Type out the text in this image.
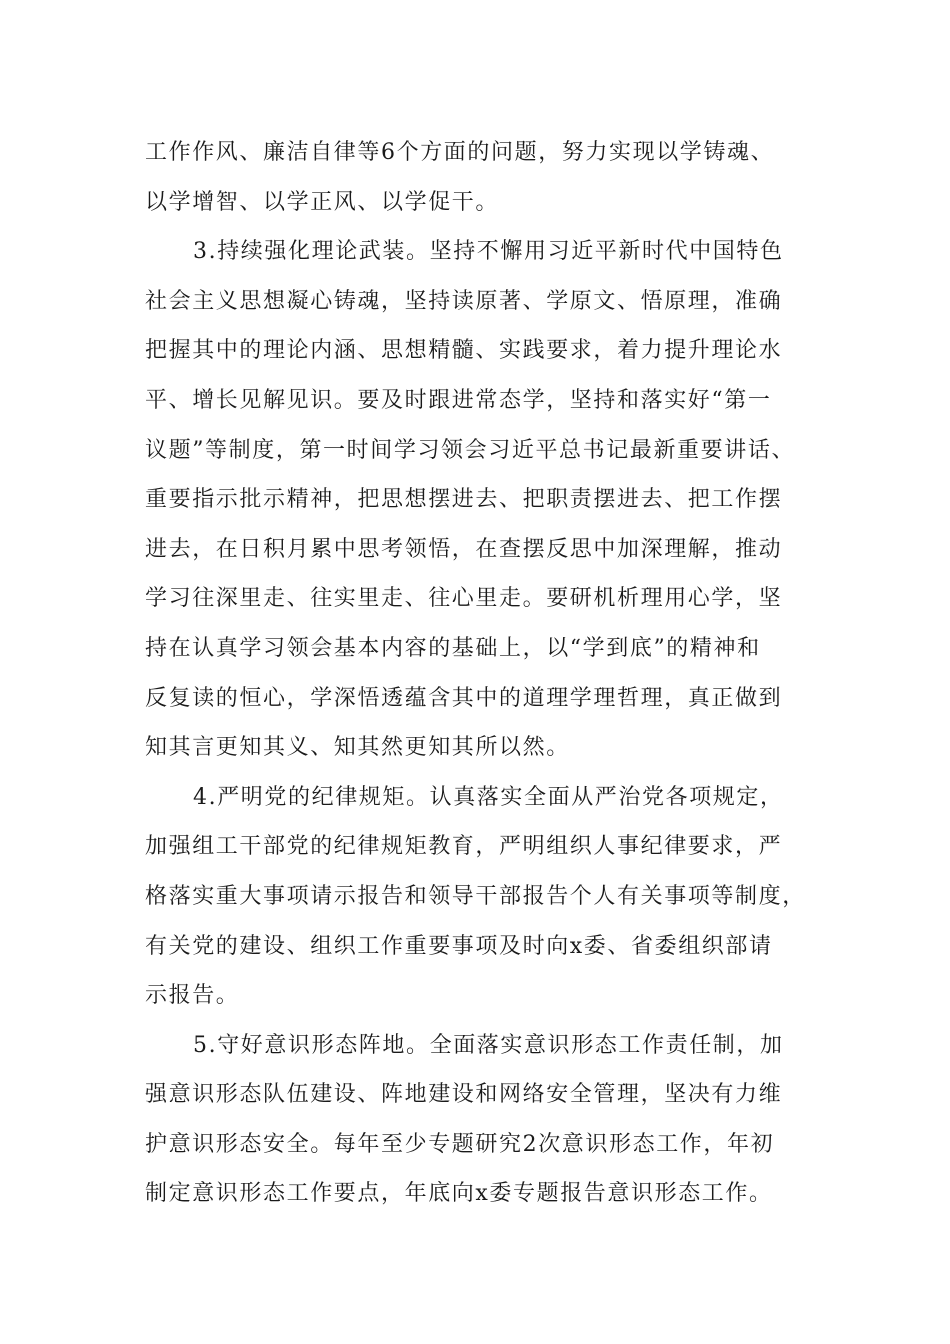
工作作风、廉洁自律等6个方面的问题，努力实现以学铸魂、
以学增智、以学正风、以学促干。
3.持续强化理论武装。坚持不懈用习近平新时代中国特色
社会主义思想凝心铸魂，坚持读原著、学原文、悟原理，准确
把握其中的理论内涵、思想精髓、实践要求，着力提升理论水
平、增长见解见识。要及时跟进常态学，坚持和落实好“第一
议题”等制度，第一时间学习领会习近平总书记最新重要讲话、
重要指示批示精神，把思想摆进去、把职责摆进去、把工作摆
进去，在日积月累中思考领悟，在查摆反思中加深理解，推动
学习往深里走、往实里走、往心里走。要研机析理用心学，坚
持在认真学习领会基本内容的基础上，以“学到底”的精神和
反复读的恒心，学深悟透蕴含其中的道理学理哲理，真正做到
知其言更知其义、知其然更知其所以然。
4.严明党的纪律规矩。认真落实全面从严治党各项规定，
加强组工干部党的纪律规矩教育，严明组织人事纪律要求，严
格落实重大事项请示报告和领导干部报告个人有关事项等制度，
有关党的建设、组织工作重要事项及时向x委、省委组织部请
示报告。
5.守好意识形态阵地。全面落实意识形态工作责任制，加
强意识形态队伍建设、阵地建设和网络安全管理，坚决有力维
护意识形态安全。每年至少专题研究2次意识形态工作，年初
制定意识形态工作要点，年底向x委专题报告意识形态工作。
